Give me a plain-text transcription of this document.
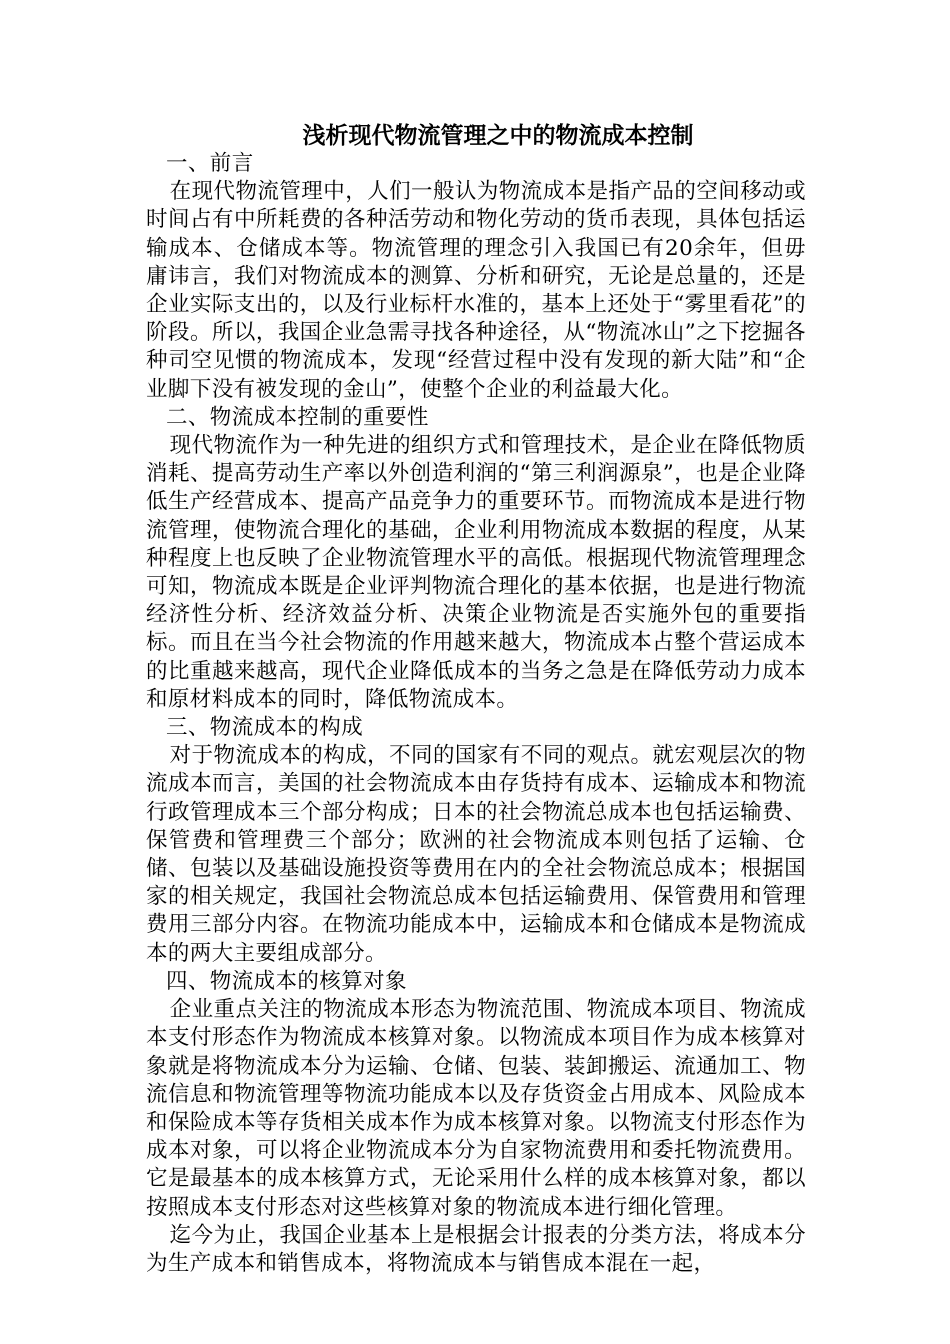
浅析现代物流管理之中的物流成本控制
一、前言

在现代物流管理中，人们一般认为物流成本是指产品的空间移动或时间占有中所耗费的各种活劳动和物化劳动的货币表现，具体包括运输成本、仓储成本等。物流管理的理念引入我国已有20余年，但毋庸讳言，我们对物流成本的测算、分析和研究，无论是总量的，还是企业实际支出的，以及行业标杆水准的，基本上还处于“雾里看花”的阶段。所以，我国企业急需寻找各种途径，从“物流冰山”之下挖掘各种司空见惯的物流成本，发现“经营过程中没有发现的新大陆”和“企业脚下没有被发现的金山”，使整个企业的利益最大化。

二、物流成本控制的重要性

现代物流作为一种先进的组织方式和管理技术，是企业在降低物质消耗、提高劳动生产率以外创造利润的“第三利润源泉”，也是企业降低生产经营成本、提高产品竞争力的重要环节。而物流成本是进行物流管理，使物流合理化的基础，企业利用物流成本数据的程度，从某种程度上也反映了企业物流管理水平的高低。根据现代物流管理理念可知，物流成本既是企业评判物流合理化的基本依据，也是进行物流经济性分析、经济效益分析、决策企业物流是否实施外包的重要指标。而且在当今社会物流的作用越来越大，物流成本占整个营运成本的比重越来越高，现代企业降低成本的当务之急是在降低劳动力成本和原材料成本的同时，降低物流成本。

三、物流成本的构成

对于物流成本的构成，不同的国家有不同的观点。就宏观层次的物流成本而言，美国的社会物流成本由存货持有成本、运输成本和物流行政管理成本三个部分构成；日本的社会物流总成本也包括运输费、保管费和管理费三个部分；欧洲的社会物流成本则包括了运输、仓储、包装以及基础设施投资等费用在内的全社会物流总成本；根据国家的相关规定，我国社会物流总成本包括运输费用、保管费用和管理费用三部分内容。在物流功能成本中，运输成本和仓储成本是物流成本的两大主要组成部分。

四、物流成本的核算对象

企业重点关注的物流成本形态为物流范围、物流成本项目、物流成本支付形态作为物流成本核算对象。以物流成本项目作为成本核算对象就是将物流成本分为运输、仓储、包装、装卸搬运、流通加工、物流信息和物流管理等物流功能成本以及存货资金占用成本、风险成本和保险成本等存货相关成本作为成本核算对象。以物流支付形态作为成本对象，可以将企业物流成本分为自家物流费用和委托物流费用。它是最基本的成本核算方式，无论采用什么样的成本核算对象，都以按照成本支付形态对这些核算对象的物流成本进行细化管理。

迄今为止，我国企业基本上是根据会计报表的分类方法，将成本分为生产成本和销售成本，将物流成本与销售成本混在一起，
